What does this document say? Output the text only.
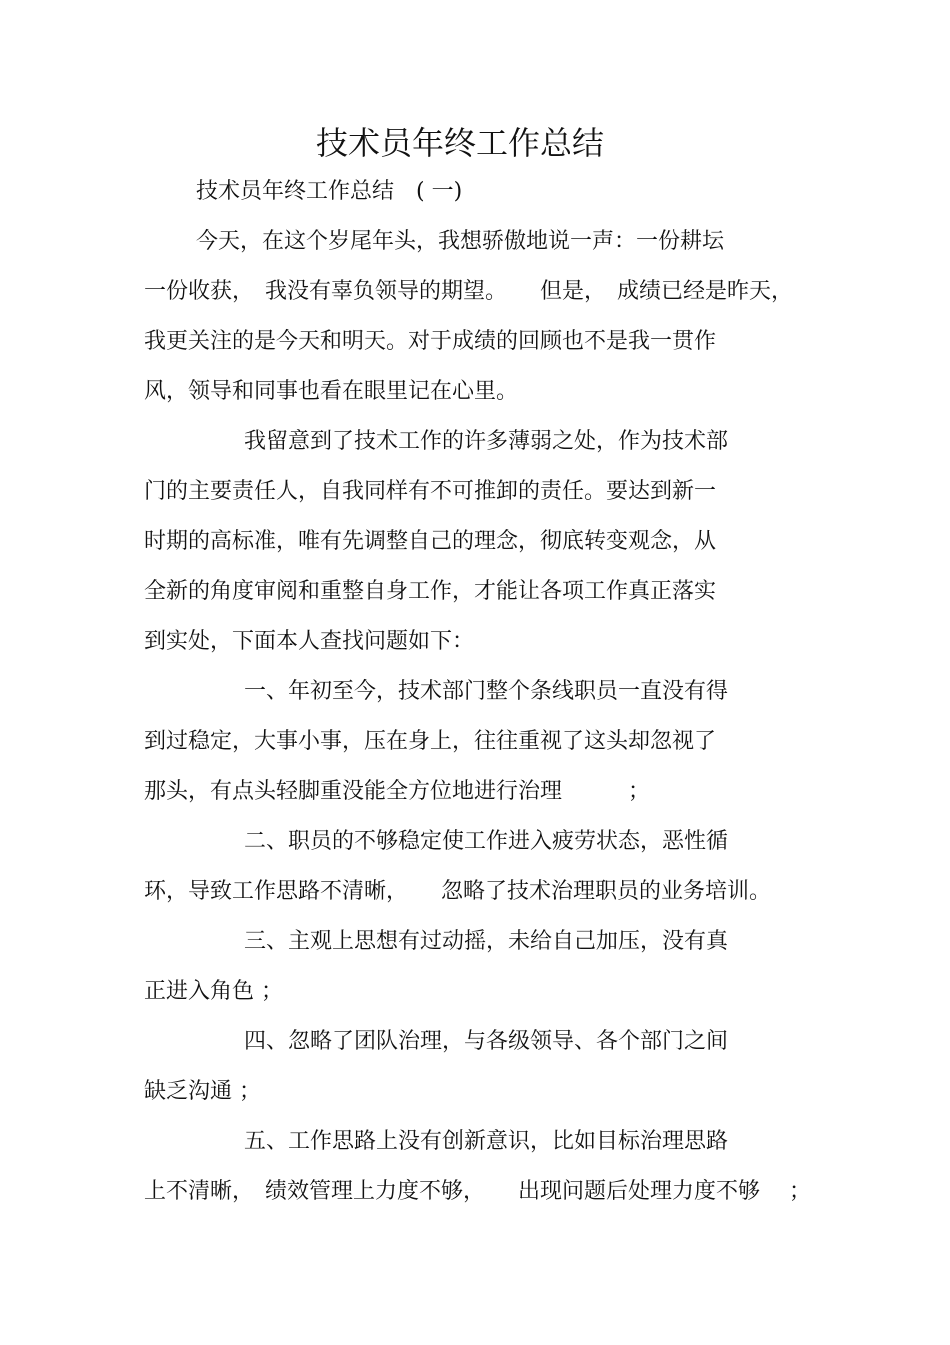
技术员年终工作总结
技术员年终工作总结　( 一)
今天，在这个岁尾年头，我想骄傲地说一声：一份耕坛
一份收获，　我没有辜负领导的期望。　　但是，　成绩已经是昨天，
我更关注的是今天和明天。对于成绩的回顾也不是我一贯作
风，领导和同事也看在眼里记在心里。
我留意到了技术工作的许多薄弱之处，作为技术部
门的主要责任人，自我同样有不可推卸的责任。要达到新一
时期的高标准，唯有先调整自己的理念，彻底转变观念，从
全新的角度审阅和重整自身工作，才能让各项工作真正落实
到实处，下面本人查找问题如下：
一、年初至今，技术部门整个条线职员一直没有得
到过稳定，大事小事，压在身上，往往重视了这头却忽视了
那头，有点头轻脚重没能全方位地进行治理　　　；
二、职员的不够稳定使工作进入疲劳状态，恶性循
环，导致工作思路不清晰，　　忽略了技术治理职员的业务培训。
三、主观上思想有过动摇，未给自己加压，没有真
正进入角色 ；
四、忽略了团队治理，与各级领导、各个部门之间
缺乏沟通 ；
五、工作思路上没有创新意识，比如目标治理思路
上不清晰，　绩效管理上力度不够，　　出现问题后处理力度不够　 ；
